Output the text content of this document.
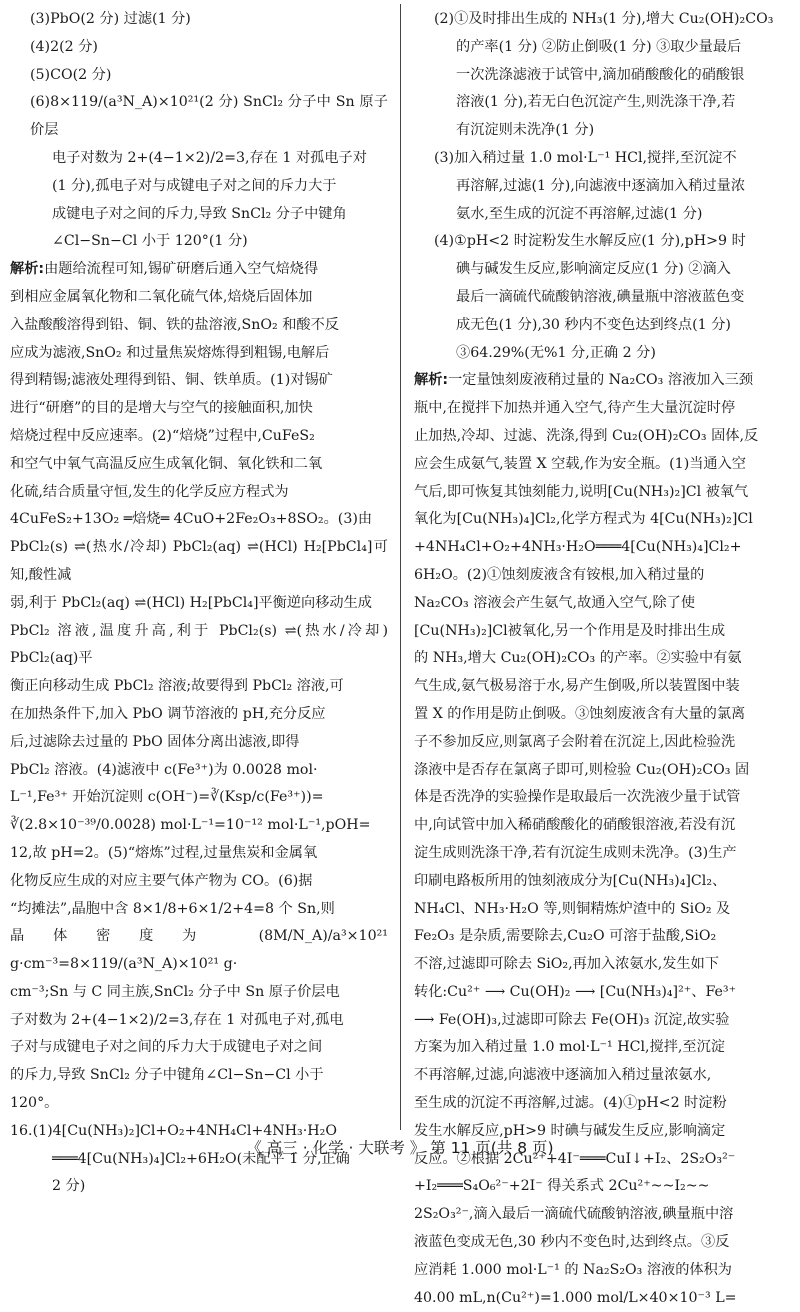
(3)PbO(2 分) 过滤(1 分)

(4)2(2 分)

(5)CO(2 分)

(6)8×119/(a³N_A)×10²¹(2 分) SnCl₂ 分子中 Sn 原子价层

电子对数为 2+(4−1×2)/2=3,存在 1 对孤电子对

(1 分),孤电子对与成键电子对之间的斥力大于

成键电子对之间的斥力,导致 SnCl₂ 分子中键角

∠Cl−Sn−Cl 小于 120°(1 分)

解析:由题给流程可知,锡矿研磨后通入空气焙烧得

到相应金属氧化物和二氧化硫气体,焙烧后固体加

入盐酸酸溶得到铅、铜、铁的盐溶液,SnO₂ 和酸不反

应成为滤液,SnO₂ 和过量焦炭熔炼得到粗锡,电解后

得到精锡;滤液处理得到铅、铜、铁单质。(1)对锡矿

进行“研磨”的目的是增大与空气的接触面积,加快

焙烧过程中反应速率。(2)“焙烧”过程中,CuFeS₂

和空气中氧气高温反应生成氧化铜、氧化铁和二氧

化硫,结合质量守恒,发生的化学反应方程式为

4CuFeS₂+13O₂ ═焙烧═ 4CuO+2Fe₂O₃+8SO₂。(3)由

PbCl₂(s) ⇌(热水/冷却) PbCl₂(aq) ⇌(HCl) H₂[PbCl₄]可知,酸性减

弱,利于 PbCl₂(aq) ⇌(HCl) H₂[PbCl₄]平衡逆向移动生成

PbCl₂ 溶液,温度升高,利于 PbCl₂(s) ⇌(热水/冷却) PbCl₂(aq)平

衡正向移动生成 PbCl₂ 溶液;故要得到 PbCl₂ 溶液,可

在加热条件下,加入 PbO 调节溶液的 pH,充分反应

后,过滤除去过量的 PbO 固体分离出滤液,即得

PbCl₂ 溶液。(4)滤液中 c(Fe³⁺)为 0.0028 mol·

L⁻¹,Fe³⁺ 开始沉淀则 c(OH⁻)=∛(Ksp/c(Fe³⁺))=

∛(2.8×10⁻³⁹/0.0028) mol·L⁻¹=10⁻¹² mol·L⁻¹,pOH=

12,故 pH=2。(5)“熔炼”过程,过量焦炭和金属氧

化物反应生成的对应主要气体产物为 CO。(6)据

“均摊法”,晶胞中含 8×1/8+6×1/2+4=8 个 Sn,则

晶体密度为 (8M/N_A)/a³×10²¹ g·cm⁻³=8×119/(a³N_A)×10²¹ g·

cm⁻³;Sn 与 C 同主族,SnCl₂ 分子中 Sn 原子价层电

子对数为 2+(4−1×2)/2=3,存在 1 对孤电子对,孤电

子对与成键电子对之间的斥力大于成键电子对之间

的斥力,导致 SnCl₂ 分子中键角∠Cl−Sn−Cl 小于

120°。

16.(1)4[Cu(NH₃)₂]Cl+O₂+4NH₄Cl+4NH₃·H₂O

═══4[Cu(NH₃)₄]Cl₂+6H₂O(未配平 1 分,正确

2 分)

(2)①及时排出生成的 NH₃(1 分),增大 Cu₂(OH)₂CO₃

的产率(1 分) ②防止倒吸(1 分) ③取少量最后

一次洗涤滤液于试管中,滴加硝酸酸化的硝酸银

溶液(1 分),若无白色沉淀产生,则洗涤干净,若

有沉淀则未洗净(1 分)

(3)加入稍过量 1.0 mol·L⁻¹ HCl,搅拌,至沉淀不

再溶解,过滤(1 分),向滤液中逐滴加入稍过量浓

氨水,至生成的沉淀不再溶解,过滤(1 分)

(4)①pH<2 时淀粉发生水解反应(1 分),pH>9 时

碘与碱发生反应,影响滴定反应(1 分) ②滴入

最后一滴硫代硫酸钠溶液,碘量瓶中溶液蓝色变

成无色(1 分),30 秒内不变色达到终点(1 分)

③64.29%(无%1 分,正确 2 分)

解析:一定量蚀刻废液稍过量的 Na₂CO₃ 溶液加入三颈

瓶中,在搅拌下加热并通入空气,待产生大量沉淀时停

止加热,冷却、过滤、洗涤,得到 Cu₂(OH)₂CO₃ 固体,反

应会生成氨气,装置 X 空载,作为安全瓶。(1)当通入空

气后,即可恢复其蚀刻能力,说明[Cu(NH₃)₂]Cl 被氧气

氧化为[Cu(NH₃)₄]Cl₂,化学方程式为 4[Cu(NH₃)₂]Cl

+4NH₄Cl+O₂+4NH₃·H₂O═══4[Cu(NH₃)₄]Cl₂+

6H₂O。(2)①蚀刻废液含有铵根,加入稍过量的

Na₂CO₃ 溶液会产生氨气,故通入空气,除了使

[Cu(NH₃)₂]Cl被氧化,另一个作用是及时排出生成

的 NH₃,增大 Cu₂(OH)₂CO₃ 的产率。②实验中有氨

气生成,氨气极易溶于水,易产生倒吸,所以装置图中装

置 X 的作用是防止倒吸。③蚀刻废液含有大量的氯离

子不参加反应,则氯离子会附着在沉淀上,因此检验洗

涤液中是否存在氯离子即可,则检验 Cu₂(OH)₂CO₃ 固

体是否洗净的实验操作是取最后一次洗液少量于试管

中,向试管中加入稀硝酸酸化的硝酸银溶液,若没有沉

淀生成则洗涤干净,若有沉淀生成则未洗净。(3)生产

印刷电路板所用的蚀刻液成分为[Cu(NH₃)₄]Cl₂、

NH₄Cl、NH₃·H₂O 等,则铜精炼炉渣中的 SiO₂ 及

Fe₂O₃ 是杂质,需要除去,Cu₂O 可溶于盐酸,SiO₂

不溶,过滤即可除去 SiO₂,再加入浓氨水,发生如下

转化:Cu²⁺ ⟶ Cu(OH)₂ ⟶ [Cu(NH₃)₄]²⁺、Fe³⁺

⟶ Fe(OH)₃,过滤即可除去 Fe(OH)₃ 沉淀,故实验

方案为加入稍过量 1.0 mol·L⁻¹ HCl,搅拌,至沉淀

不再溶解,过滤,向滤液中逐滴加入稍过量浓氨水,

至生成的沉淀不再溶解,过滤。(4)①pH<2 时淀粉

发生水解反应,pH>9 时碘与碱发生反应,影响滴定

反应。②根据 2Cu²⁺+4I⁻═══CuI↓+I₂、2S₂O₃²⁻

+I₂═══S₄O₆²⁻+2I⁻ 得关系式 2Cu²⁺~~I₂~~

2S₂O₃²⁻,滴入最后一滴硫代硫酸钠溶液,碘量瓶中溶

液蓝色变成无色,30 秒内不变色时,达到终点。③反

应消耗 1.000 mol·L⁻¹ 的 Na₂S₂O₃ 溶液的体积为

40.00 mL,n(Cu²⁺)=1.000 mol/L×40×10⁻³ L=

《 高三 · 化学 · 大联考 》 第 11 页(共 8 页)
